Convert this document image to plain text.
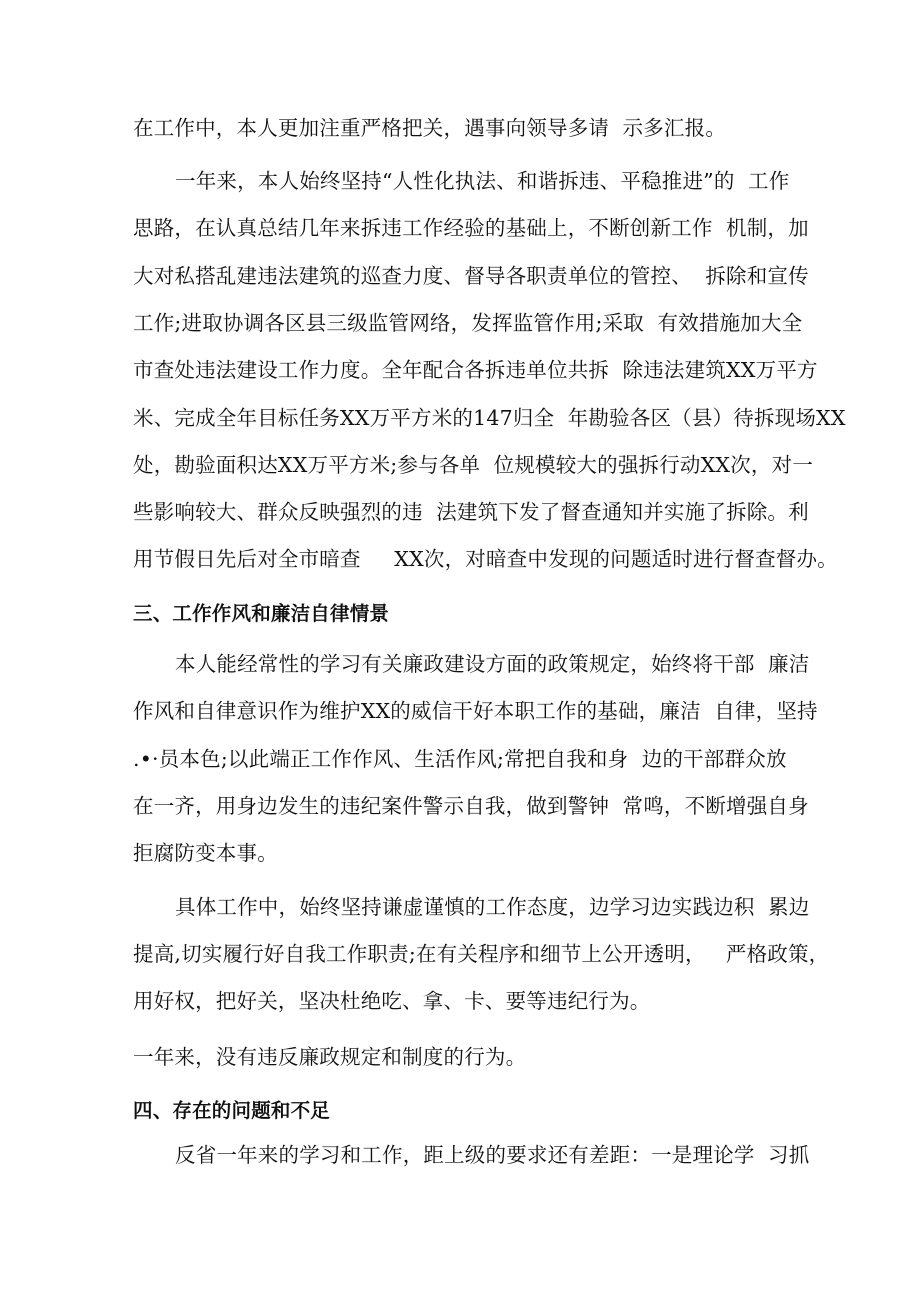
在工作中，本人更加注重严格把关，遇事向领导多请  示多汇报。
一年来，本人始终坚持“人性化执法、和谐拆违、平稳推进”的  工作
思路，在认真总结几年来拆违工作经验的基础上，不断创新工作  机制，加
大对私搭乱建违法建筑的巡查力度、督导各职责单位的管控、  拆除和宣传
工作;进取协调各区县三级监管网络，发挥监管作用;采取  有效措施加大全
市查处违法建设工作力度。全年配合各拆违单位共拆  除违法建筑XX万平方
米、完成全年目标任务XX万平方米的147归全  年勘验各区（县）待拆现场XX
处，勘验面积达XX万平方米;参与各单  位规模较大的强拆行动XX次，对一
些影响较大、群众反映强烈的违  法建筑下发了督查通知并实施了拆除。利
用节假日先后对全市暗查     XX次，对暗查中发现的问题适时进行督查督办。
三、工作作风和廉洁自律情景
本人能经常性的学习有关廉政建设方面的政策规定，始终将干部  廉洁
作风和自律意识作为维护XX的威信干好本职工作的基础，廉洁  自律，坚持
.•·员本色;以此端正工作作风、生活作风;常把自我和身  边的干部群众放
在一齐，用身边发生的违纪案件警示自我，做到警钟  常鸣，不断增强自身
拒腐防变本事。
具体工作中，始终坚持谦虚谨慎的工作态度，边学习边实践边积  累边
提高,切实履行好自我工作职责;在有关程序和细节上公开透明，   严格政策，
用好权，把好关，坚决杜绝吃、拿、卡、要等违纪行为。
一年来，没有违反廉政规定和制度的行为。
四、存在的问题和不足
反省一年来的学习和工作，距上级的要求还有差距：一是理论学  习抓
